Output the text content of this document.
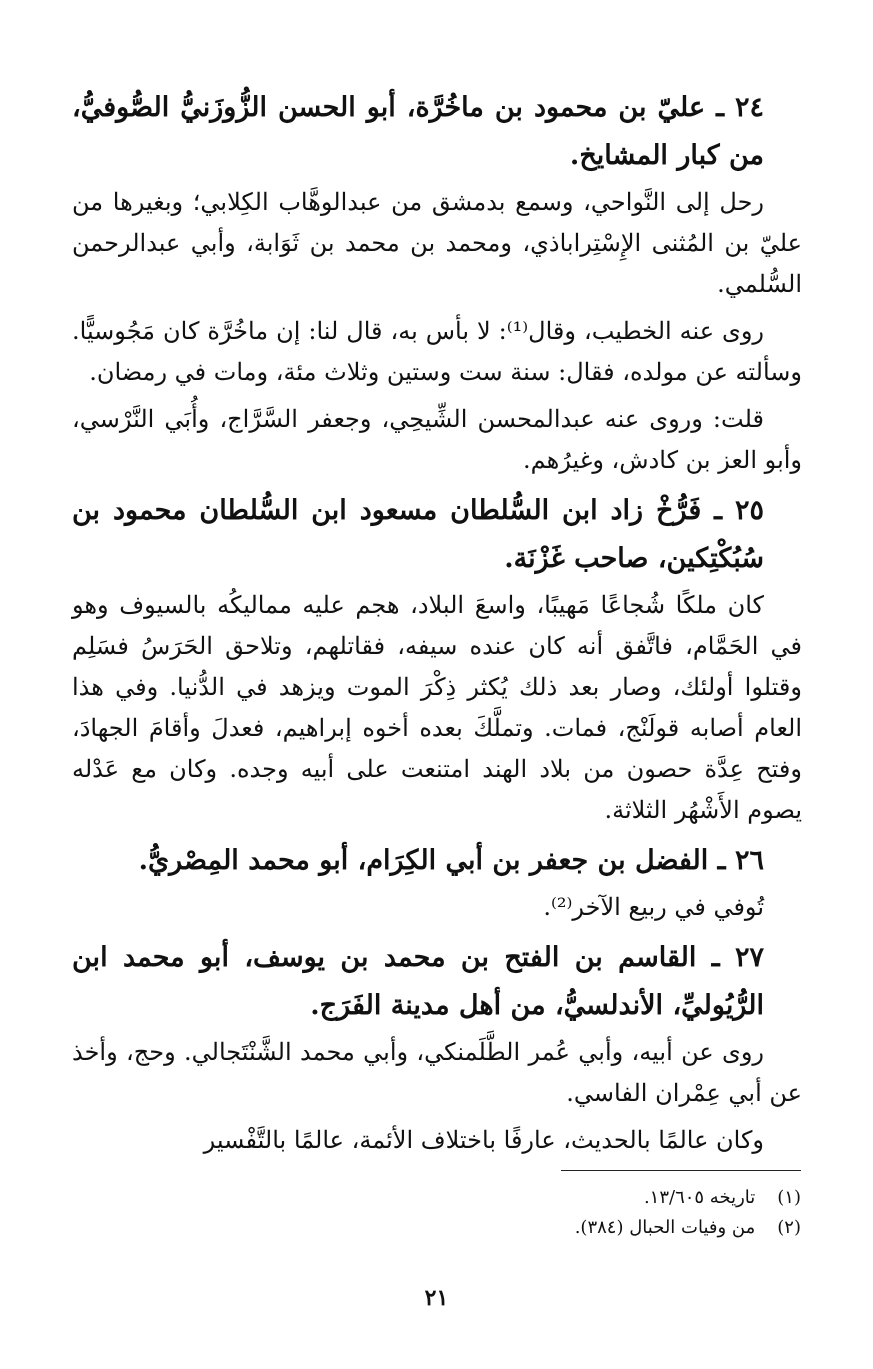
٢٤ ـ عليّ بن محمود بن ماخُرَّة، أبو الحسن الزُّوزَنيُّ الصُّوفيُّ، من كبار المشايخ.

رحل إلى النَّواحي، وسمع بدمشق من عبدالوهَّاب الكِلابي؛ وبغيرها من عليّ بن المُثنى الإِسْتِراباذي، ومحمد بن محمد بن ثَوَابة، وأبي عبدالرحمن السُّلمي.

روى عنه الخطيب، وقال⁽¹⁾: لا بأس به، قال لنا: إن ماخُرَّة كان مَجُوسيًّا. وسألته عن مولده، فقال: سنة ست وستين وثلاث مئة، ومات في رمضان.

قلت: وروى عنه عبدالمحسن الشِّيحِي، وجعفر السَّرَّاج، وأُبَي النَّرْسي، وأبو العز بن كادش، وغيرُهم.

٢٥ ـ فَرُّخْ زاد ابن السُّلطان مسعود ابن السُّلطان محمود بن سُبُكْتِكين، صاحب غَزْنَة.

كان ملكًا شُجاعًا مَهيبًا، واسعَ البلاد، هجم عليه مماليكُه بالسيوف وهو في الحَمَّام، فاتَّفق أنه كان عنده سيفه، فقاتلهم، وتلاحق الحَرَسُ فسَلِم وقتلوا أولئك، وصار بعد ذلك يُكثر ذِكْرَ الموت ويزهد في الدُّنيا. وفي هذا العام أصابه قولَنْج، فمات. وتملَّكَ بعده أخوه إبراهيم، فعدلَ وأقامَ الجهادَ، وفتح عِدَّة حصون من بلاد الهند امتنعت على أبيه وجده. وكان مع عَدْله يصوم الأَشْهُر الثلاثة.

٢٦ ـ الفضل بن جعفر بن أبي الكِرَام، أبو محمد المِصْريُّ.

تُوفي في ربيع الآخر⁽²⁾.

٢٧ ـ القاسم بن الفتح بن محمد بن يوسف، أبو محمد ابن الرُّيُوليِّ، الأندلسيُّ، من أهل مدينة الفَرَج.

روى عن أبيه، وأبي عُمر الطَّلَمنكي، وأبي محمد الشَّنْتَجالي. وحج، وأخذ عن أبي عِمْران الفاسي.

وكان عالمًا بالحديث، عارفًا باختلاف الأئمة، عالمًا بالتَّفْسير

(١) تاريخه ١٣/٦٠٥.

(٢) من وفيات الحبال (٣٨٤).

٢١
